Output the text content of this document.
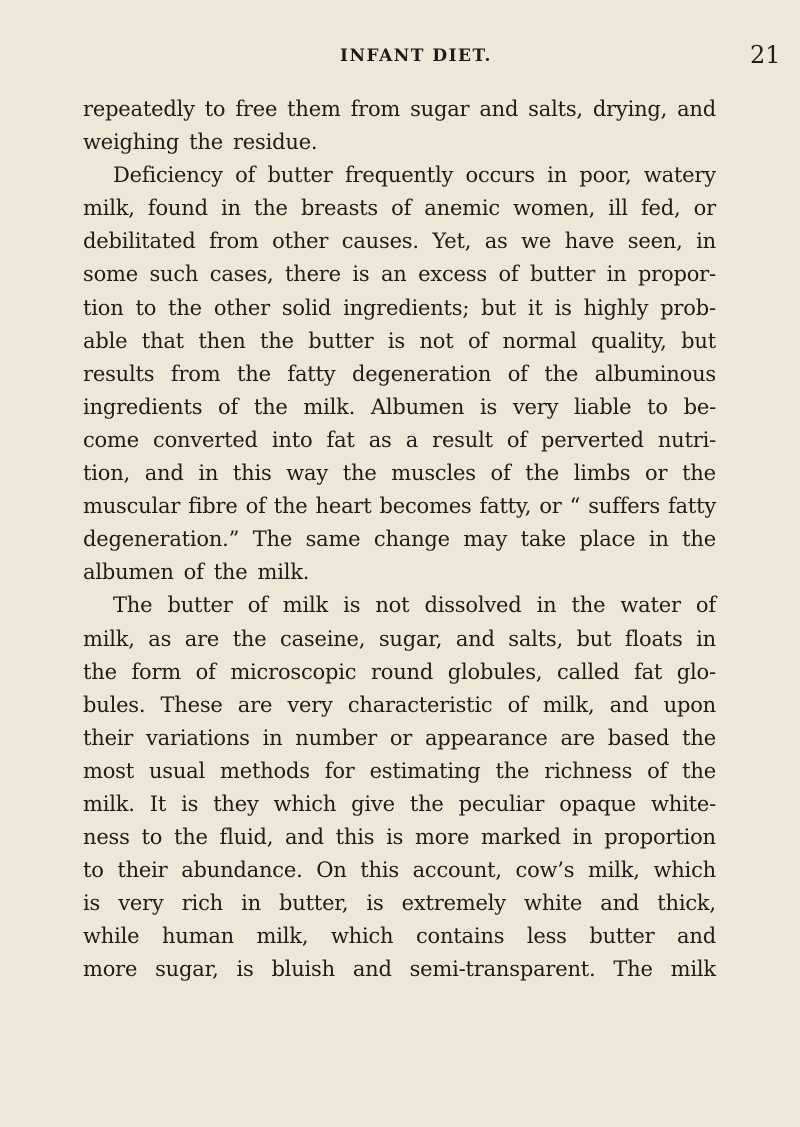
INFANT DIET.	21
repeatedly to free them from sugar and salts, drying, and
weighing the residue.
Deficiency of butter frequently occurs in poor, watery
milk, found in the breasts of anemic women, ill fed, or
debilitated from other causes. Yet, as we have seen, in
some such cases, there is an excess of butter in propor-
tion to the other solid ingredients; but it is highly prob-
able that then the butter is not of normal quality, but
results from the fatty degeneration of the albuminous
ingredients of the milk. Albumen is very liable to be-
come converted into fat as a result of perverted nutri-
tion, and in this way the muscles of the limbs or the
muscular fibre of the heart becomes fatty, or “ suffers fatty
degeneration.” The same change may take place in the
albumen of the milk.
The butter of milk is not dissolved in the water of
milk, as are the caseine, sugar, and salts, but floats in
the form of microscopic round globules, called fat glo-
bules. These are very characteristic of milk, and upon
their variations in number or appearance are based the
most usual methods for estimating the richness of the
milk. It is they which give the peculiar opaque white-
ness to the fluid, and this is more marked in proportion
to their abundance. On this account, cow’s milk, which
is very rich in butter, is extremely white and thick,
while human milk, which contains less butter and
more sugar, is bluish and semi-transparent. The milk
